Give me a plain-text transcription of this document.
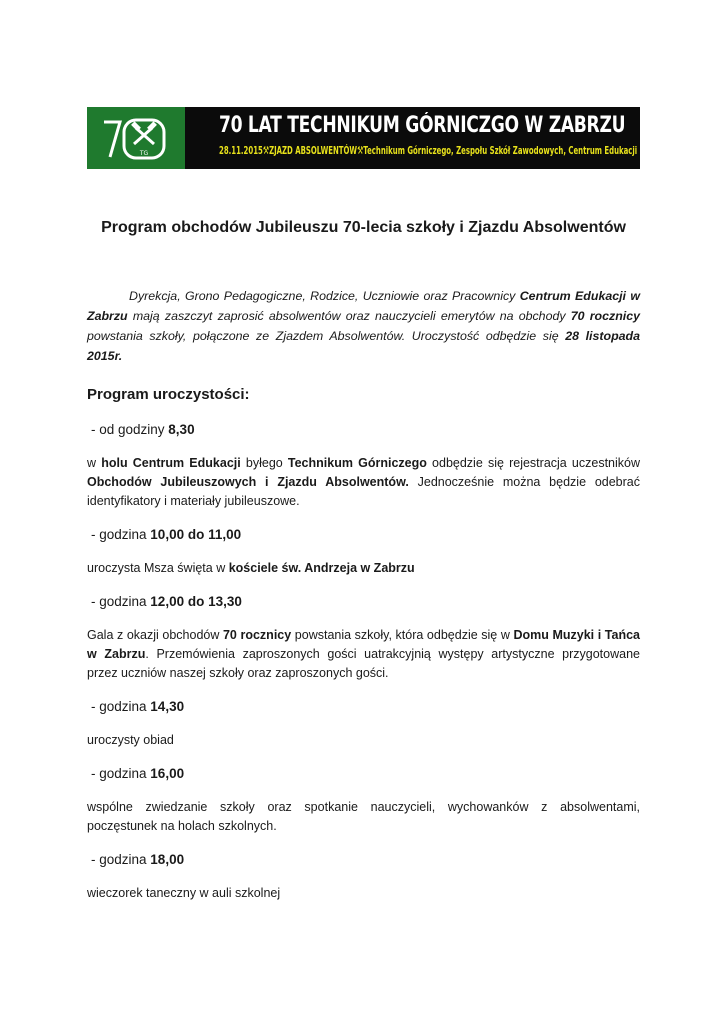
TG
70 LAT TECHNIKUM GÓRNICZGO W ZABRZU
28.11.2015⚒ZJAZD ABSOLWENTÓW⚒Technikum Górniczego, Zespołu Szkół Zawodowych, Centrum Edukacji
Program obchodów Jubileuszu 70-lecia szkoły i Zjazdu Absolwentów

Dyrekcja, Grono Pedagogiczne, Rodzice, Uczniowie oraz Pracownicy Centrum Edukacji w Zabrzu mają zaszczyt zaprosić absolwentów oraz nauczycieli emerytów na obchody 70 rocznicy powstania szkoły, połączone ze Zjazdem Absolwentów. Uroczystość odbędzie się 28 listopada 2015r.

Program uroczystości:

- od godziny 8,30

w holu Centrum Edukacji byłego Technikum Górniczego odbędzie się rejestracja uczestników Obchodów Jubileuszowych i Zjazdu Absolwentów. Jednocześnie można będzie odebrać identyfikatory i materiały jubileuszowe.

- godzina 10,00 do 11,00

uroczysta Msza święta w kościele św. Andrzeja w Zabrzu

- godzina 12,00 do 13,30

Gala z okazji obchodów 70 rocznicy powstania szkoły, która odbędzie się w Domu Muzyki i Tańca w Zabrzu. Przemówienia zaproszonych gości uatrakcyjnią występy artystyczne przygotowane przez uczniów naszej szkoły oraz zaproszonych gości.

- godzina 14,30

uroczysty obiad

- godzina 16,00

wspólne zwiedzanie szkoły oraz spotkanie nauczycieli, wychowanków z absolwentami, poczęstunek na holach szkolnych.

- godzina 18,00

wieczorek taneczny w auli szkolnej
